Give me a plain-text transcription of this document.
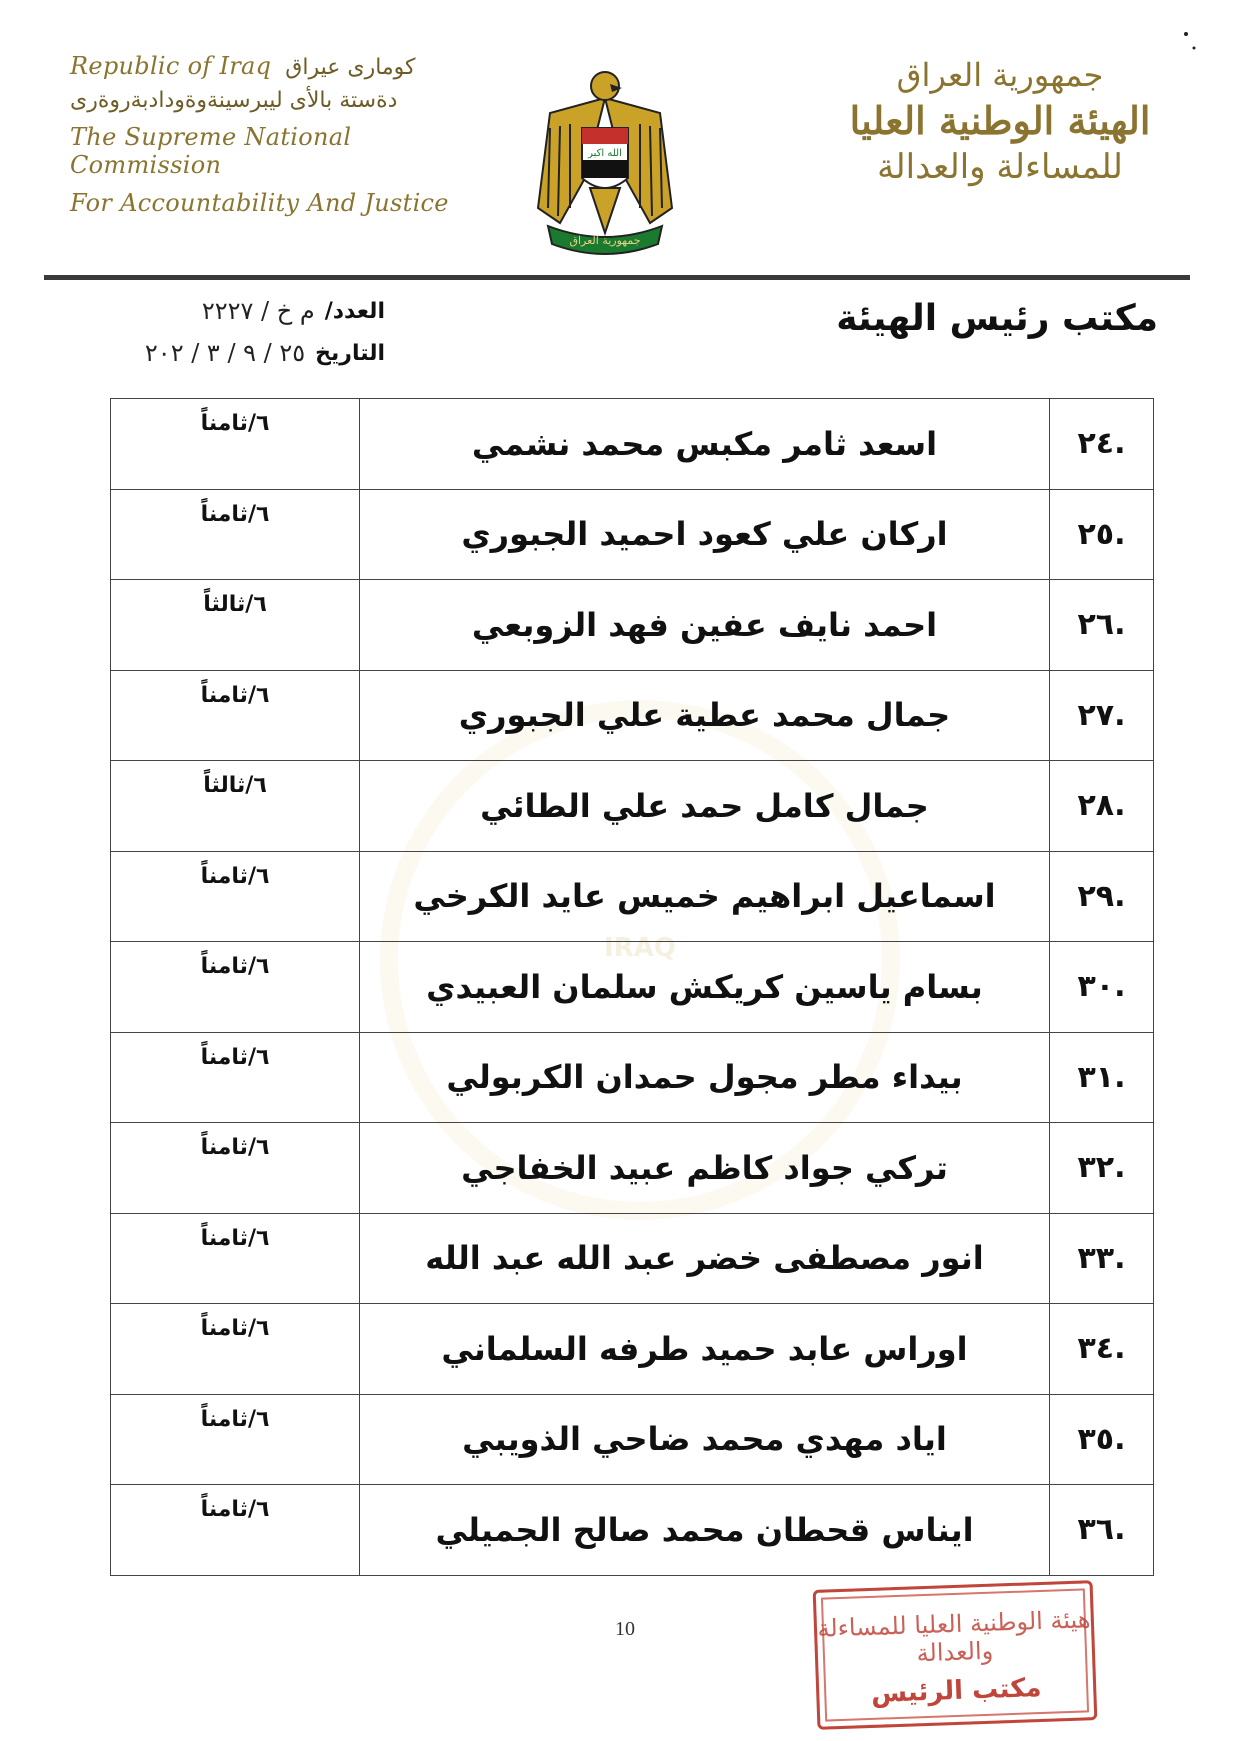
IRAQ
Republic of Iraq كومارى عيراق
دةستة بالأى ليبرسينةوةودادبةروةرى
The Supreme National Commission
For Accountability And Justice
الله اكبر
جمهورية العراق
جمهورية العراق
الهيئة الوطنية العليا
للمساءلة والعدالة
العدد/
م خ / ٢٢٢٧
التاريخ
٢٥ / ٩ / ٣ / ٢٠٢
مكتب رئيس الهيئة
.٢٤	اسعد ثامر مكبس محمد نشمي	٦/ثامناً
.٢٥	اركان علي كعود احميد الجبوري	٦/ثامناً
.٢٦	احمد نايف عفين فهد الزوبعي	٦/ثالثاً
.٢٧	جمال محمد عطية علي الجبوري	٦/ثامناً
.٢٨	جمال كامل حمد علي الطائي	٦/ثالثاً
.٢٩	اسماعيل ابراهيم خميس عايد الكرخي	٦/ثامناً
.٣٠	بسام ياسين كريكش سلمان العبيدي	٦/ثامناً
.٣١	بيداء مطر مجول حمدان الكربولي	٦/ثامناً
.٣٢	تركي جواد كاظم عبيد الخفاجي	٦/ثامناً
.٣٣	انور مصطفى خضر عبد الله عبد الله	٦/ثامناً
.٣٤	اوراس عابد حميد طرفه السلماني	٦/ثامناً
.٣٥	اياد مهدي محمد ضاحي الذويبي	٦/ثامناً
.٣٦	ايناس قحطان محمد صالح الجميلي	٦/ثامناً
10	هيئة الوطنية العليا للمساءلة والعدالة
مكتب الرئيس
